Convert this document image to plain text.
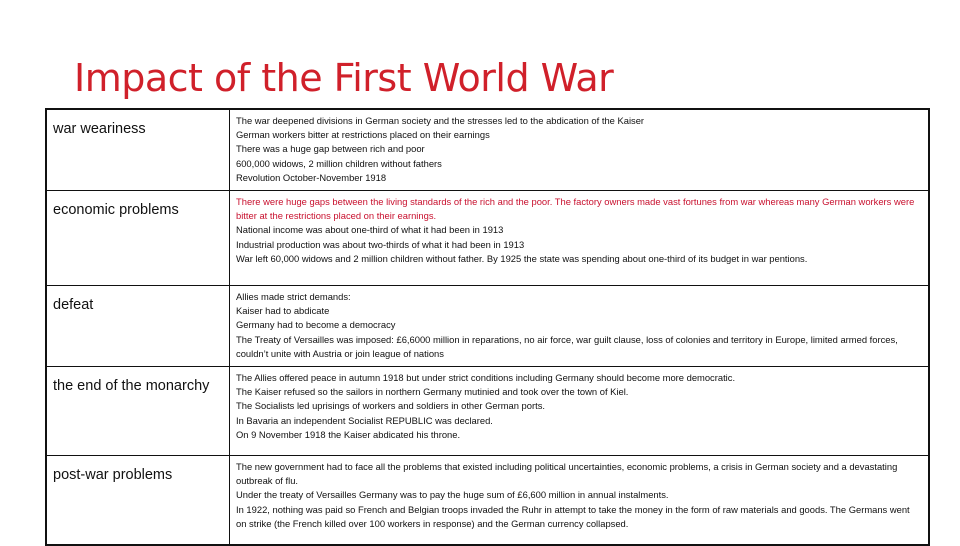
Impact of the First World War
war weariness	The war deepened divisions in German society and the stresses led to the abdication of the Kaiser
German workers bitter at restrictions placed on their earnings
There was a huge gap between rich and poor
600,000 widows, 2 million children without fathers
Revolution October-November 1918

economic problems	There were huge gaps between the living standards of the rich and the poor. The factory owners made vast fortunes from war whereas many German workers were bitter at the restrictions placed on their earnings.
National income was about one-third of what it had been in 1913
Industrial production was about two-thirds of what it had been in 1913
War left 60,000 widows and 2 million children without father. By 1925 the state was spending about one-third of its budget in war pentions.

defeat	Allies made strict demands:
Kaiser had to abdicate
Germany had to become a democracy
The Treaty of Versailles was imposed: £6,6000 million in reparations, no air force, war guilt clause, loss of colonies and territory in Europe, limited armed forces, couldn’t unite with Austria or join league of nations

the end of the monarchy	The Allies offered peace in autumn 1918 but under strict conditions including Germany should become more democratic.
The Kaiser refused so the sailors in northern Germany mutinied and took over the town of Kiel.
The Socialists led uprisings of workers and soldiers in other German ports.
In Bavaria an independent Socialist REPUBLIC was declared.
On 9 November 1918 the Kaiser abdicated his throne.

post-war problems	The new government had to face all the problems that existed including political uncertainties, economic problems, a crisis in German society and a devastating outbreak of flu.
Under the treaty of Versailles Germany was to pay the huge sum of £6,600 million in annual instalments.
In 1922, nothing was paid so French and Belgian troops invaded the Ruhr in attempt to take the money in the form of raw materials and goods. The Germans went on strike (the French killed over 100 workers in response) and the German currency collapsed.
